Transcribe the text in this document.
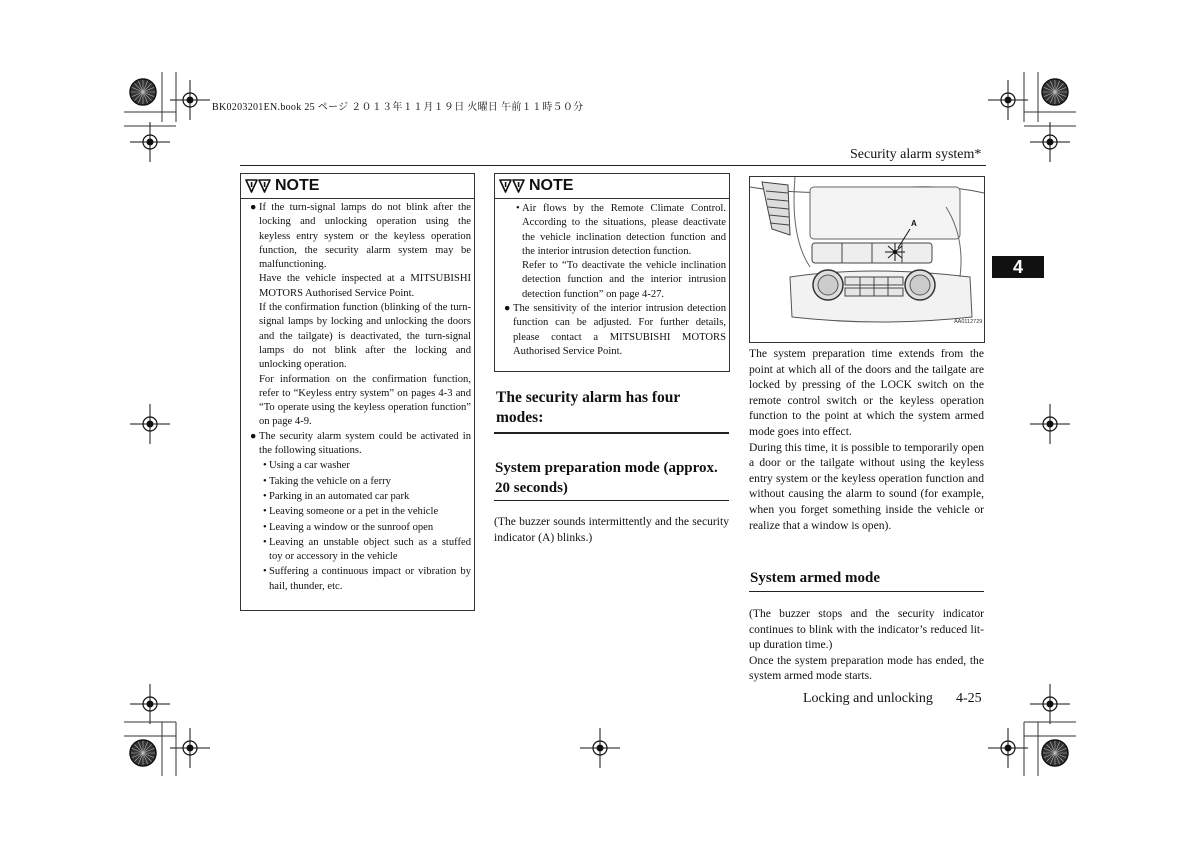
BK0203201EN.book 25 ページ ２０１３年１１月１９日 火曜日 午前１１時５０分
Security alarm system*
4
NOTE
● If the turn-signal lamps do not blink after the locking and unlocking operation using the keyless entry system or the keyless operation function, the security alarm system may be malfunctioning.

Have the vehicle inspected at a MITSUBISHI MOTORS Authorised Service Point.

If the confirmation function (blinking of the turn-signal lamps by locking and unlocking the doors and the tailgate) is deactivated, the turn-signal lamps do not blink after the locking and unlocking operation.

For information on the confirmation function, refer to “Keyless entry system” on pages 4-3 and “To operate using the keyless operation function” on page 4-9.

● The security alarm system could be activated in the following situations.

• Using a car washer
• Taking the vehicle on a ferry
• Parking in an automated car park
• Leaving someone or a pet in the vehicle
• Leaving a window or the sunroof open
• Leaving an unstable object such as a stuffed toy or accessory in the vehicle
• Suffering a continuous impact or vibration by hail, thunder, etc.
NOTE
• Air flows by the Remote Climate Control. According to the situations, please deactivate the vehicle inclination detection function and the interior intrusion detection function.

Refer to “To deactivate the vehicle inclination detection function and the interior intrusion detection function” on page 4-27.

● The sensitivity of the interior intrusion detection function can be adjusted. For further details, please contact a MITSUBISHI MOTORS Authorised Service Point.

The security alarm has four modes:
System preparation mode (approx. 20 seconds)
(The buzzer sounds intermittently and the security indicator (A) blinks.)
A
AA0112729

The system preparation time extends from the point at which all of the doors and the tailgate are locked by pressing of the LOCK switch on the remote control switch or the keyless operation function to the point at which the system armed mode goes into effect.

During this time, it is possible to temporarily open a door or the tailgate without using the keyless entry system or the keyless operation function and without causing the alarm to sound (for example, when you forget something inside the vehicle or realize that a window is open).

System armed mode

(The buzzer stops and the security indicator continues to blink with the indicator’s reduced lit-up duration time.)

Once the system preparation mode has ended, the system armed mode starts.

Locking and unlocking 4-25
